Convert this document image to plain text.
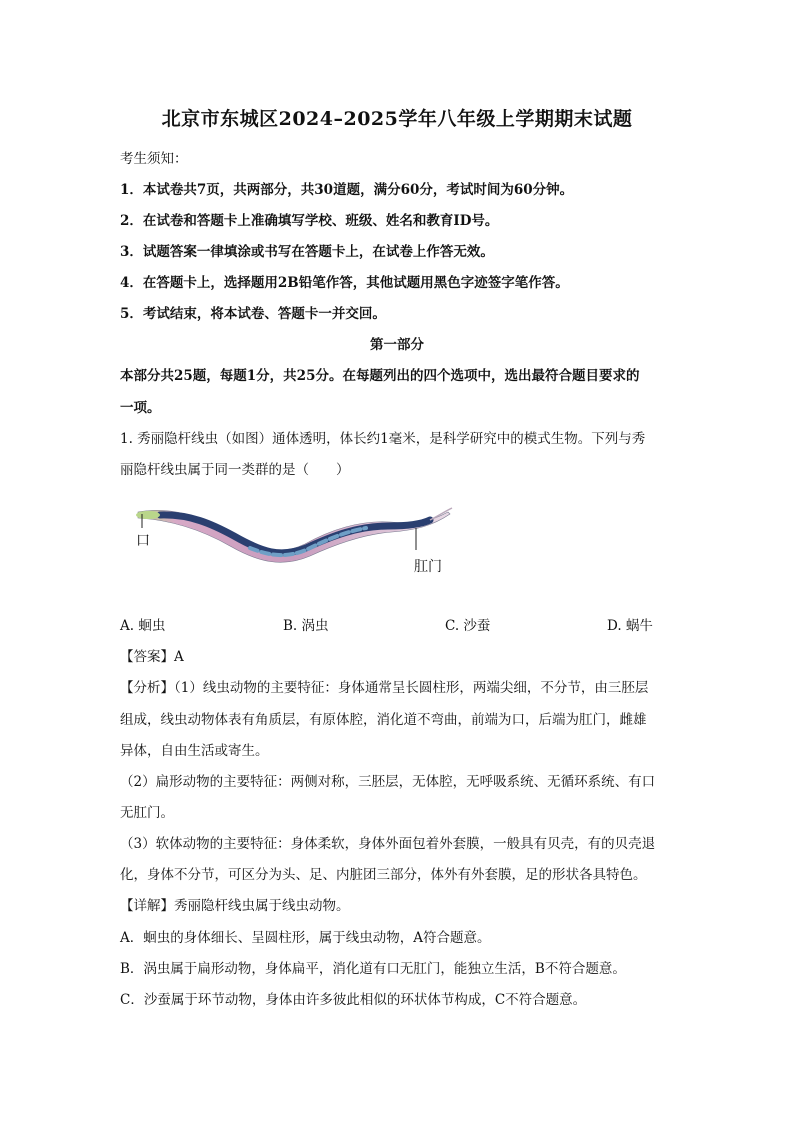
北京市东城区2024–2025学年八年级上学期期末试题
考生须知：
1．本试卷共7页，共两部分，共30道题，满分60分，考试时间为60分钟。
2．在试卷和答题卡上准确填写学校、班级、姓名和教育ID号。
3．试题答案一律填涂或书写在答题卡上，在试卷上作答无效。
4．在答题卡上，选择题用2B铅笔作答，其他试题用黑色字迹签字笔作答。
5．考试结束，将本试卷、答题卡一并交回。
第一部分
本部分共25题，每题1分，共25分。在每题列出的四个选项中，选出最符合题目要求的
一项。
1. 秀丽隐杆线虫（如图）通体透明，体长约1毫米，是科学研究中的模式生物。下列与秀
丽隐杆线虫属于同一类群的是（　　）
口
肛门
A. 蛔虫	B. 涡虫	C. 沙蚕	D. 蜗牛
【答案】A
【分析】（1）线虫动物的主要特征：身体通常呈长圆柱形，两端尖细，不分节，由三胚层
组成，线虫动物体表有角质层，有原体腔，消化道不弯曲，前端为口，后端为肛门，雌雄
异体，自由生活或寄生。
（2）扁形动物的主要特征：两侧对称，三胚层，无体腔，无呼吸系统、无循环系统、有口
无肛门。
（3）软体动物的主要特征：身体柔软，身体外面包着外套膜，一般具有贝壳，有的贝壳退
化，身体不分节，可区分为头、足、内脏团三部分，体外有外套膜，足的形状各具特色。
【详解】秀丽隐杆线虫属于线虫动物。
A．蛔虫的身体细长、呈圆柱形，属于线虫动物，A符合题意。
B．涡虫属于扁形动物，身体扁平，消化道有口无肛门，能独立生活，B不符合题意。
C．沙蚕属于环节动物，身体由许多彼此相似的环状体节构成，C不符合题意。
